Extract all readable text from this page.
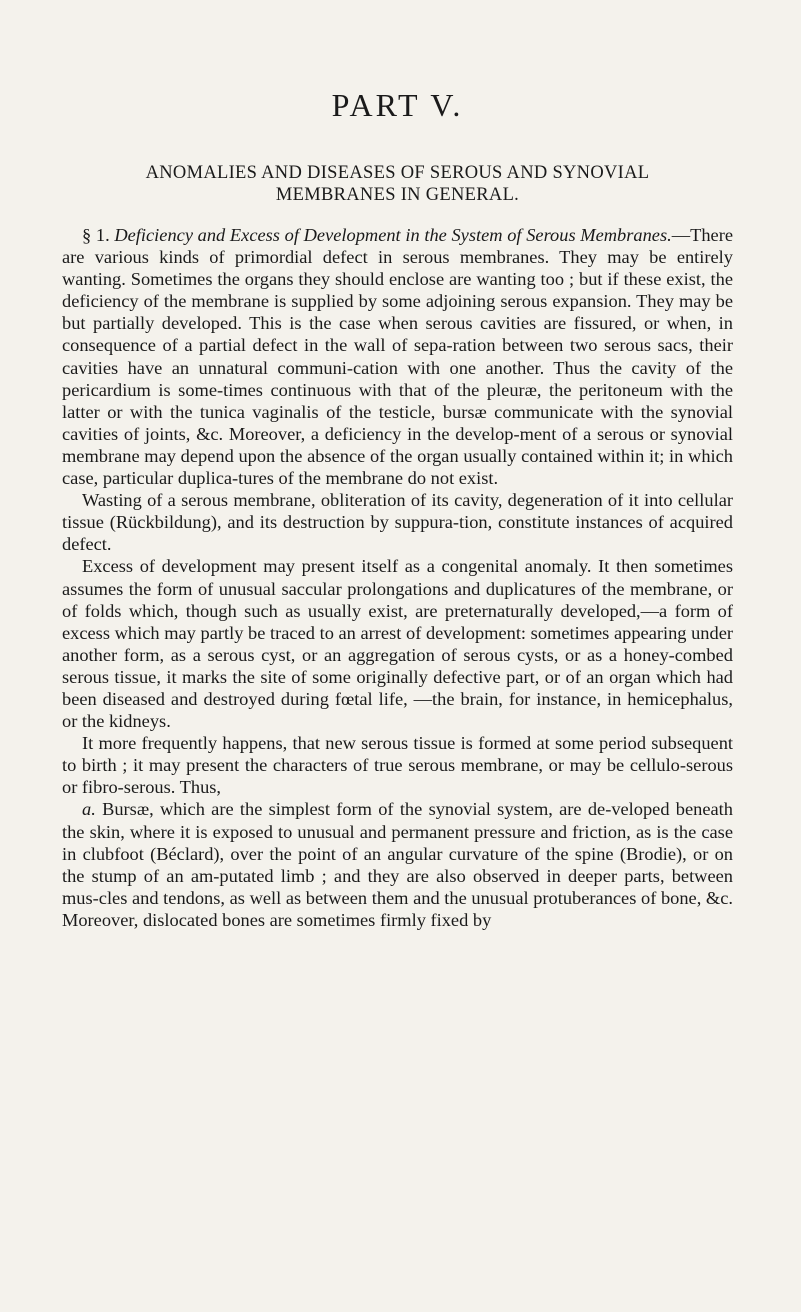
PART V.
ANOMALIES AND DISEASES OF SEROUS AND SYNOVIAL
MEMBRANES IN GENERAL.

§ 1. Deficiency and Excess of Development in the System of Serous Membranes.—There are various kinds of primordial defect in serous membranes. They may be entirely wanting. Sometimes the organs they should enclose are wanting too ; but if these exist, the deficiency of the membrane is supplied by some adjoining serous expansion. They may be but partially developed. This is the case when serous cavities are fissured, or when, in consequence of a partial defect in the wall of sepa-ration between two serous sacs, their cavities have an unnatural communi-cation with one another. Thus the cavity of the pericardium is some-times continuous with that of the pleuræ, the peritoneum with the latter or with the tunica vaginalis of the testicle, bursæ communicate with the synovial cavities of joints, &c. Moreover, a deficiency in the develop-ment of a serous or synovial membrane may depend upon the absence of the organ usually contained within it; in which case, particular duplica-tures of the membrane do not exist.

Wasting of a serous membrane, obliteration of its cavity, degeneration of it into cellular tissue (Rückbildung), and its destruction by suppura-tion, constitute instances of acquired defect.

Excess of development may present itself as a congenital anomaly. It then sometimes assumes the form of unusual saccular prolongations and duplicatures of the membrane, or of folds which, though such as usually exist, are preternaturally developed,—a form of excess which may partly be traced to an arrest of development: sometimes appearing under another form, as a serous cyst, or an aggregation of serous cysts, or as a honey-combed serous tissue, it marks the site of some originally defective part, or of an organ which had been diseased and destroyed during fœtal life, —the brain, for instance, in hemicephalus, or the kidneys.

It more frequently happens, that new serous tissue is formed at some period subsequent to birth ; it may present the characters of true serous membrane, or may be cellulo-serous or fibro-serous. Thus,

a. Bursæ, which are the simplest form of the synovial system, are de-veloped beneath the skin, where it is exposed to unusual and permanent pressure and friction, as is the case in clubfoot (Béclard), over the point of an angular curvature of the spine (Brodie), or on the stump of an am-putated limb ; and they are also observed in deeper parts, between mus-cles and tendons, as well as between them and the unusual protuberances of bone, &c. Moreover, dislocated bones are sometimes firmly fixed by
